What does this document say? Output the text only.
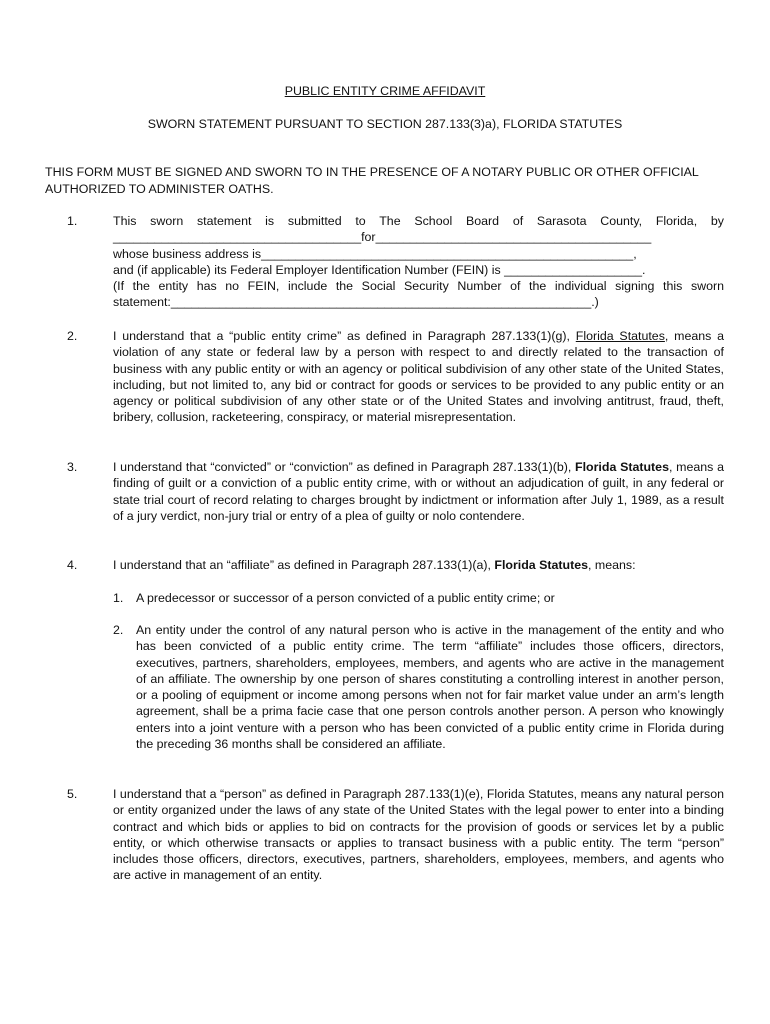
PUBLIC ENTITY CRIME AFFIDAVIT
SWORN STATEMENT PURSUANT TO SECTION 287.133(3)a), FLORIDA STATUTES
THIS FORM MUST BE SIGNED AND SWORN TO IN THE PRESENCE OF A NOTARY PUBLIC OR OTHER OFFICIAL AUTHORIZED TO ADMINISTER OATHS.
1.	This sworn statement is submitted to The School Board of Sarasota County, Florida, by
____________________________________for________________________________________
whose business address is______________________________________________________,
and (if applicable) its Federal Employer Identification Number (FEIN) is ____________________.
(If the entity has no FEIN, include the Social Security Number of the individual signing this sworn
statement:_____________________________________________________________.)
2.	I understand that a “public entity crime” as defined in Paragraph 287.133(1)(g), Florida Statutes, means a violation of any state or federal law by a person with respect to and directly related to the transaction of business with any public entity or with an agency or political subdivision of any other state of the United States, including, but not limited to, any bid or contract for goods or services to be provided to any public entity or an agency or political subdivision of any other state or of the United States and involving antitrust, fraud, theft, bribery, collusion, racketeering, conspiracy, or material misrepresentation.
3.	I understand that “convicted” or “conviction” as defined in Paragraph 287.133(1)(b), Florida Statutes, means a finding of guilt or a conviction of a public entity crime, with or without an adjudication of guilt, in any federal or state trial court of record relating to charges brought by indictment or information after July 1, 1989, as a result of a jury verdict, non-jury trial or entry of a plea of guilty or nolo contendere.
4.	I understand that an “affiliate” as defined in Paragraph 287.133(1)(a), Florida Statutes, means:
1. A predecessor or successor of a person convicted of a public entity crime; or
2. An entity under the control of any natural person who is active in the management of the entity and who has been convicted of a public entity crime. The term “affiliate” includes those officers, directors, executives, partners, shareholders, employees, members, and agents who are active in the management of an affiliate. The ownership by one person of shares constituting a controlling interest in another person, or a pooling of equipment or income among persons when not for fair market value under an arm’s length agreement, shall be a prima facie case that one person controls another person. A person who knowingly enters into a joint venture with a person who has been convicted of a public entity crime in Florida during the preceding 36 months shall be considered an affiliate.
5.	I understand that a “person” as defined in Paragraph 287.133(1)(e), Florida Statutes, means any natural person or entity organized under the laws of any state of the United States with the legal power to enter into a binding contract and which bids or applies to bid on contracts for the provision of goods or services let by a public entity, or which otherwise transacts or applies to transact business with a public entity. The term “person” includes those officers, directors, executives, partners, shareholders, employees, members, and agents who are active in management of an entity.
